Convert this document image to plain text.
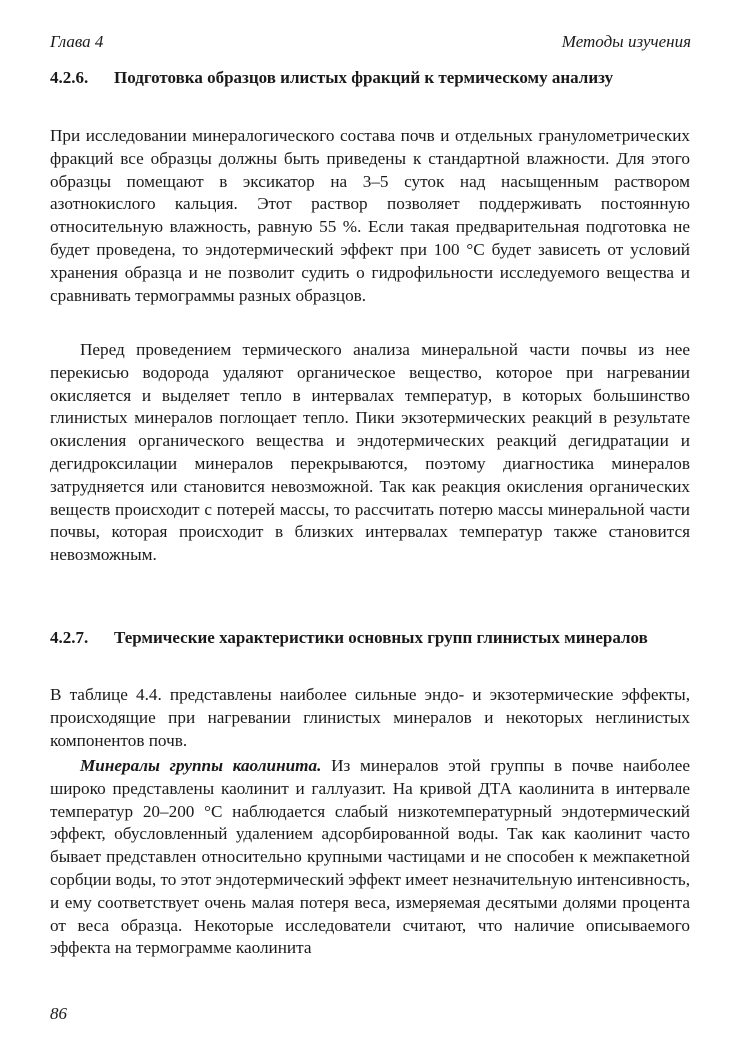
Глава 4	Методы изучения
4.2.6. Подготовка образцов илистых фракций к термическому анализу

При исследовании минералогического состава почв и отдельных гранулометрических фракций все образцы должны быть приведены к стандартной влажности. Для этого образцы помещают в эксикатор на 3–5 суток над насыщенным раствором азотнокислого кальция. Этот раствор позволяет поддерживать постоянную относительную влажность, равную 55 %. Если такая предварительная подготовка не будет проведена, то эндотермический эффект при 100 °C будет зависеть от условий хранения образца и не позволит судить о гидрофильности исследуемого вещества и сравнивать термограммы разных образцов.

Перед проведением термического анализа минеральной части почвы из нее перекисью водорода удаляют органическое вещество, которое при нагревании окисляется и выделяет тепло в интервалах температур, в которых большинство глинистых минералов поглощает тепло. Пики экзотермических реакций в результате окисления органического вещества и эндотермических реакций дегидратации и дегидроксилации минералов перекрываются, поэтому диагностика минералов затрудняется или становится невозможной. Так как реакция окисления органических веществ происходит с потерей массы, то рассчитать потерю массы минеральной части почвы, которая происходит в близких интервалах температур также становится невозможным.

4.2.7. Термические характеристики основных групп глинистых минералов

В таблице 4.4. представлены наиболее сильные эндо- и экзотермические эффекты, происходящие при нагревании глинистых минералов и некоторых неглинистых компонентов почв.

Минералы группы каолинита. Из минералов этой группы в почве наиболее широко представлены каолинит и галлуазит. На кривой ДТА каолинита в интервале температур 20–200 °C наблюдается слабый низкотемпературный эндотермический эффект, обусловленный удалением адсорбированной воды. Так как каолинит часто бывает представлен относительно крупными частицами и не способен к межпакетной сорбции воды, то этот эндотермический эффект имеет незначительную интенсивность, и ему соответствует очень малая потеря веса, измеряемая десятыми долями процента от веса образца. Некоторые исследователи считают, что наличие описываемого эффекта на термограмме каолинита

86
